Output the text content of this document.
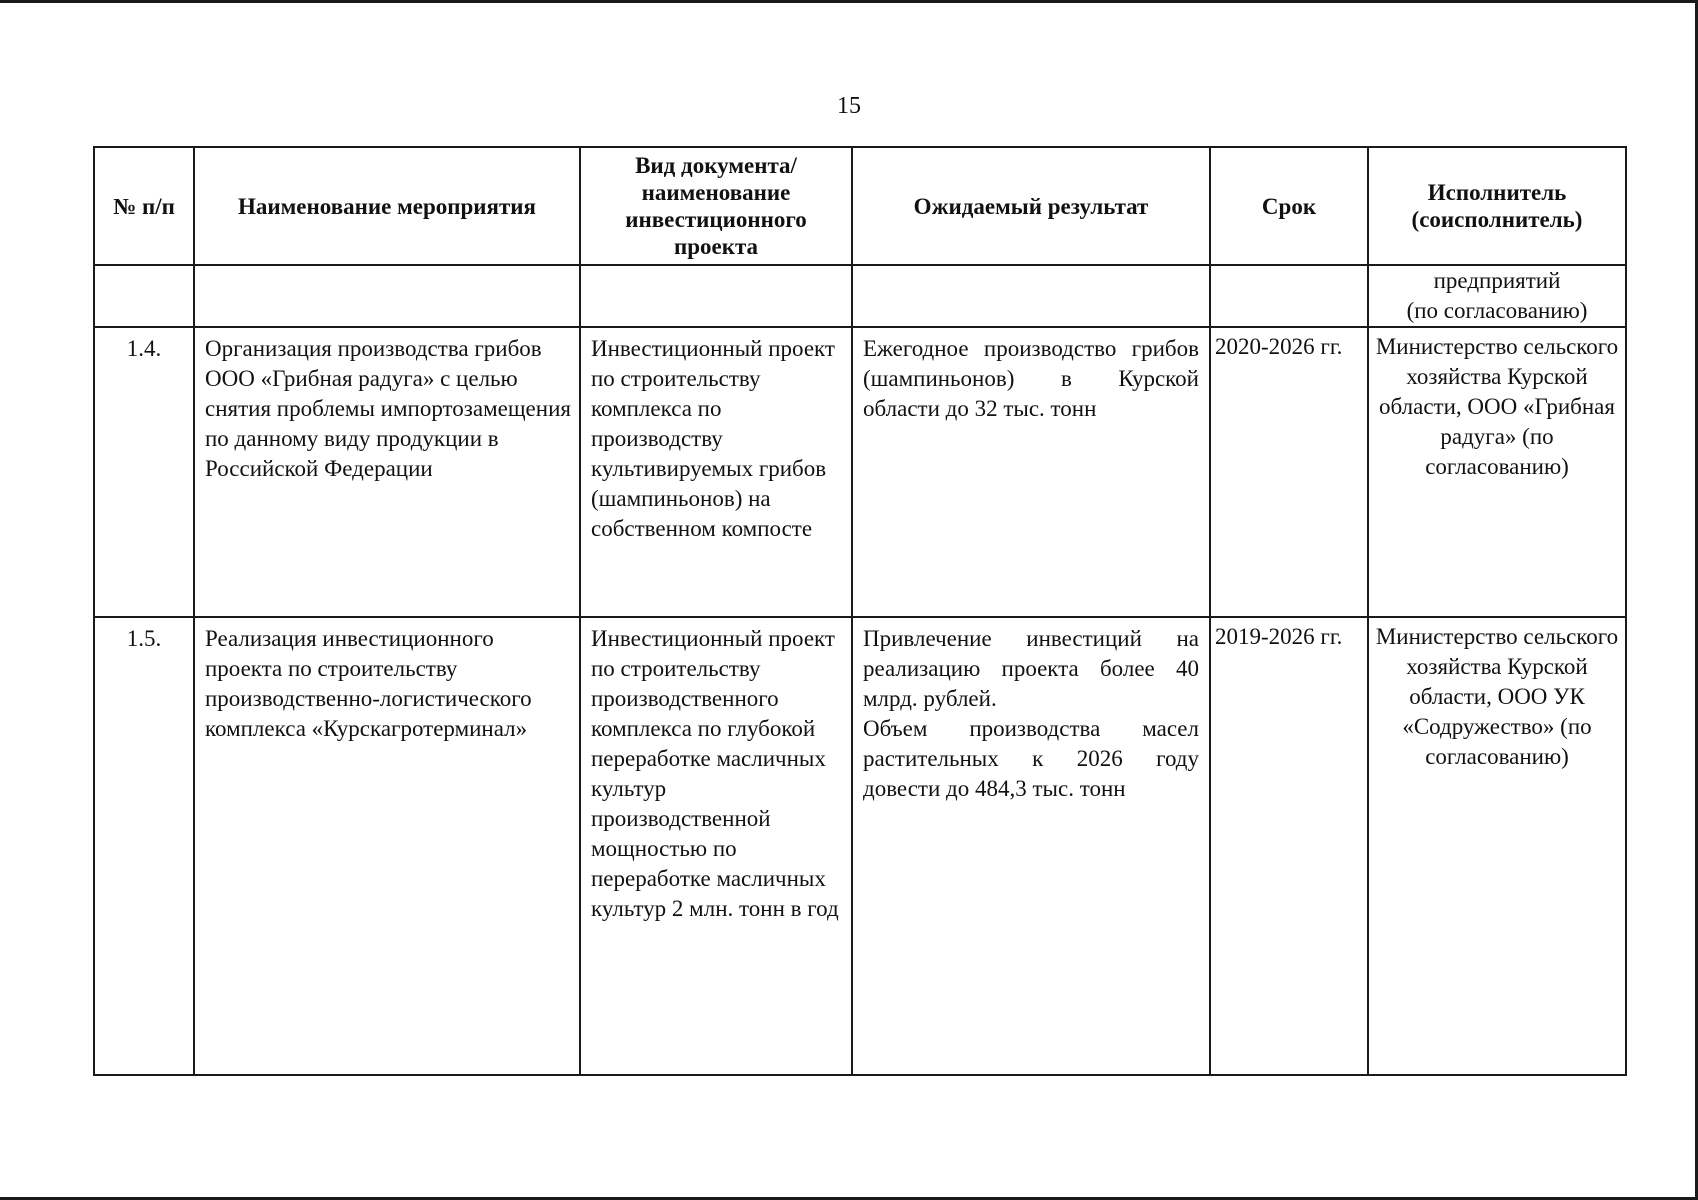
15
№ п/п	Наименование мероприятия	Вид документа/ наименование инвестиционного проекта	Ожидаемый результат	Срок	Исполнитель (соисполнитель)
					предприятий
(по согласованию)
1.4.	Организация производства грибов ООО «Грибная радуга» с целью снятия проблемы импортозамещения по данному виду продукции в Российской Федерации	Инвестиционный проект по строительству комплекса по производству культивируемых грибов (шампиньонов) на собственном компосте	Ежегодное производство грибов (шампиньонов) в Курской области до 32 тыс. тонн	2020-2026 гг.	Министерство сельского хозяйства Курской области, ООО «Грибная радуга» (по согласованию)
1.5.	Реализация инвестиционного проекта по строительству производственно-логистического комплекса «Курскагротерминал»	Инвестиционный проект по строительству производственного комплекса по глубокой переработке масличных культур производственной мощностью по переработке масличных культур 2 млн. тонн в год	Привлечение инвестиций на реализацию проекта более 40 млрд. рублей.
Объем производства масел растительных к 2026 году довести до 484,3 тыс. тонн	2019-2026 гг.	Министерство сельского хозяйства Курской области, ООО УК «Содружество» (по согласованию)
